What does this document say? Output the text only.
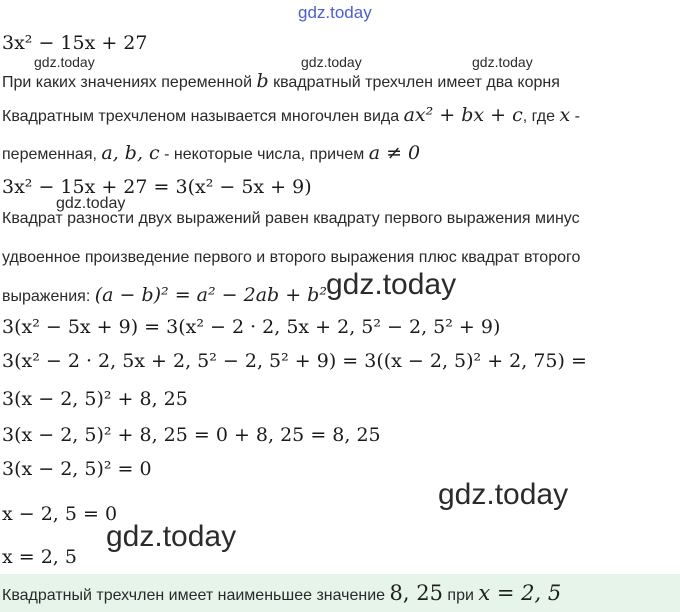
gdz.today
gdz.today	gdz.today	gdz.today
gdz.today
gdz.today
gdz.today
gdz.today
3x² − 15x + 27
При каких значениях переменной b квадратный трехчлен имеет два корня
Квадратным трехчленом называется многочлен вида ax² + bx + c, где x -
переменная, a, b, c - некоторые числа, причем a ≠ 0
3x² − 15x + 27 = 3(x² − 5x + 9)
Квадрат разности двух выражений равен квадрату первого выражения минус
удвоенное произведение первого и второго выражения плюс квадрат второго
выражения: (a − b)² = a² − 2ab + b²
3(x² − 5x + 9) = 3(x² − 2 · 2, 5x + 2, 5² − 2, 5² + 9)
3(x² − 2 · 2, 5x + 2, 5² − 2, 5² + 9) = 3((x − 2, 5)² + 2, 75) =
3(x − 2, 5)² + 8, 25
3(x − 2, 5)² + 8, 25 = 0 + 8, 25 = 8, 25
3(x − 2, 5)² = 0
x − 2, 5 = 0
x = 2, 5
Квадратный трехчлен имеет наименьшее значение 8, 25 при x = 2, 5
